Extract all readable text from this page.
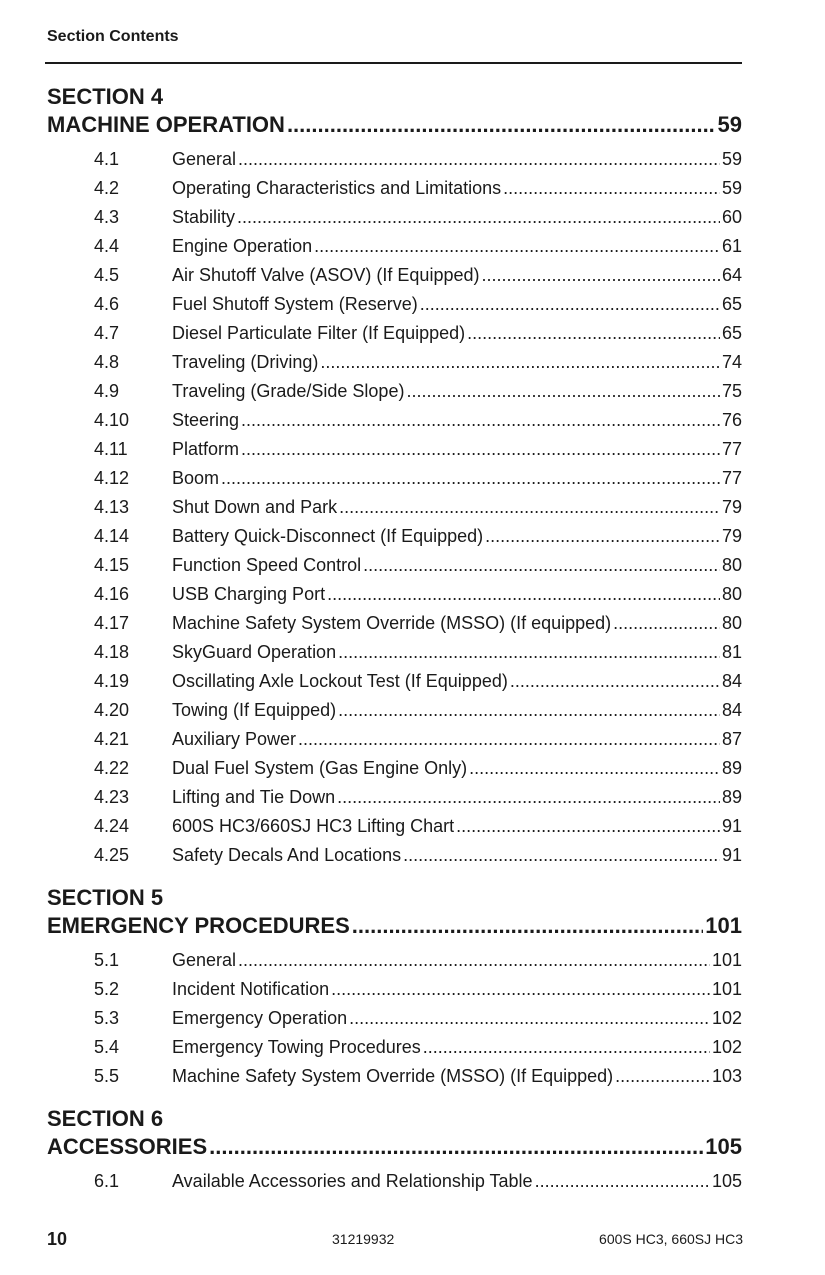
Section Contents
SECTION 4
MACHINE OPERATION .....	59
4.1	General .....	59
4.2	Operating Characteristics and Limitations .....	59
4.3	Stability .....	60
4.4	Engine Operation .....	61
4.5	Air Shutoff Valve (ASOV) (If Equipped) .....	64
4.6	Fuel Shutoff System (Reserve) .....	65
4.7	Diesel Particulate Filter (If Equipped) .....	65
4.8	Traveling (Driving) .....	74
4.9	Traveling (Grade/Side Slope) .....	75
4.10	Steering .....	76
4.11	Platform .....	77
4.12	Boom .....	77
4.13	Shut Down and Park .....	79
4.14	Battery Quick-Disconnect (If Equipped) .....	79
4.15	Function Speed Control .....	80
4.16	USB Charging Port .....	80
4.17	Machine Safety System Override (MSSO) (If equipped) .....	80
4.18	SkyGuard Operation .....	81
4.19	Oscillating Axle Lockout Test (If Equipped) .....	84
4.20	Towing (If Equipped) .....	84
4.21	Auxiliary Power .....	87
4.22	Dual Fuel System (Gas Engine Only) .....	89
4.23	Lifting and Tie Down .....	89
4.24	600S HC3/660SJ HC3 Lifting Chart .....	91
4.25	Safety Decals And Locations .....	91
SECTION 5
EMERGENCY PROCEDURES .....	101
5.1	General .....	101
5.2	Incident Notification .....	101
5.3	Emergency Operation .....	102
5.4	Emergency Towing Procedures .....	102
5.5	Machine Safety System Override (MSSO) (If Equipped) .....	103
SECTION 6
ACCESSORIES .....	105
6.1	Available Accessories and Relationship Table .....	105
10	31219932	600S HC3, 660SJ HC3
